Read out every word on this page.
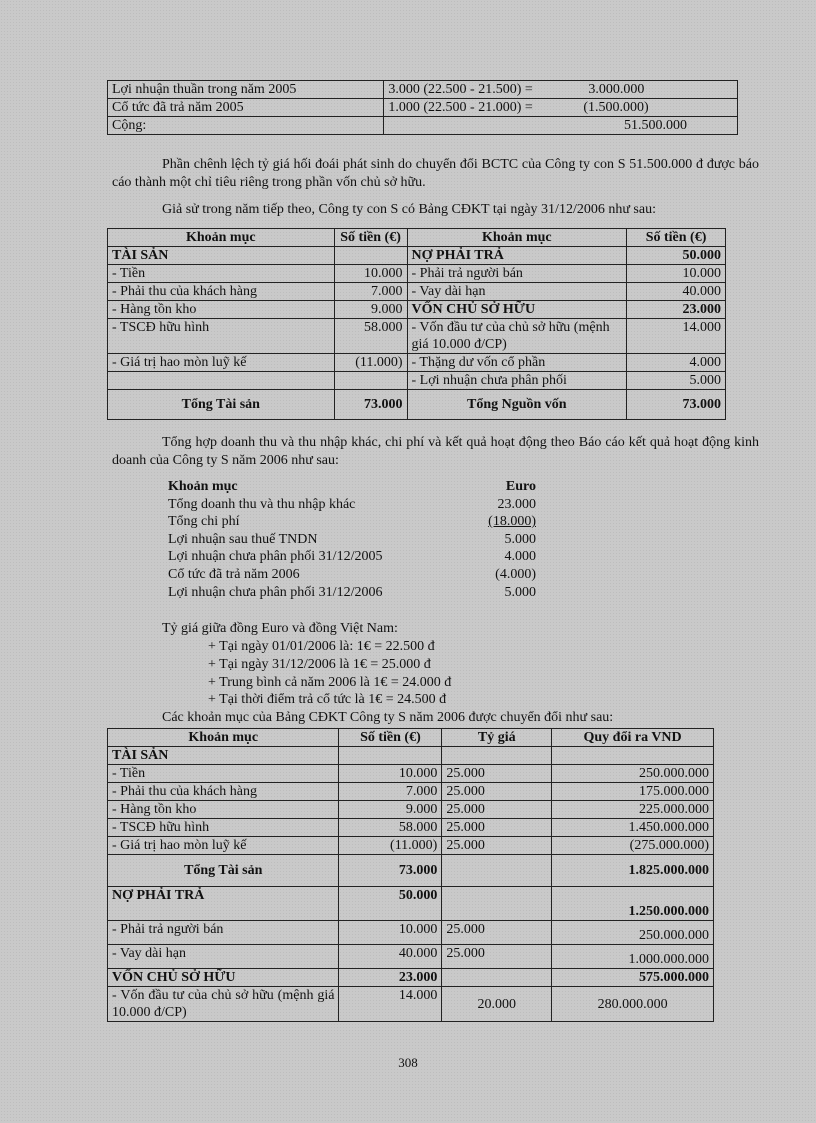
Lợi nhuận thuần trong năm 2005	3.000 (22.500 - 21.500) = 3.000.000
Cổ tức đã trả năm 2005	1.000 (22.500 - 21.000) = (1.500.000)
Cộng:	51.500.000

Phần chênh lệch tỷ giá hối đoái phát sinh do chuyển đổi BCTC của Công ty con S 51.500.000 đ được báo cáo thành một chỉ tiêu riêng trong phần vốn chủ sở hữu.

Giả sử trong năm tiếp theo, Công ty con S có Bảng CĐKT tại ngày 31/12/2006 như sau:

Khoản mục	Số tiền (€)	Khoản mục	Số tiền (€)
TÀI SẢN		NỢ PHẢI TRẢ	50.000
- Tiền	10.000	- Phải trả người bán	10.000
- Phải thu của khách hàng	7.000	- Vay dài hạn	40.000
- Hàng tồn kho	9.000	VỐN CHỦ SỞ HỮU	23.000
- TSCĐ hữu hình	58.000	- Vốn đầu tư của chủ sở hữu (mệnh giá 10.000 đ/CP)	14.000
- Giá trị hao mòn luỹ kế	(11.000)	- Thặng dư vốn cổ phần	4.000
		- Lợi nhuận chưa phân phối	5.000
Tổng Tài sản	73.000	Tổng Nguồn vốn	73.000

Tổng hợp doanh thu và thu nhập khác, chi phí và kết quả hoạt động theo Báo cáo kết quả hoạt động kinh doanh của Công ty S năm 2006 như sau:

Khoản mục	Euro
Tổng doanh thu và thu nhập khác	23.000
Tổng chi phí	(18.000)
Lợi nhuận sau thuế TNDN	5.000
Lợi nhuận chưa phân phối 31/12/2005	4.000
Cổ tức đã trả năm 2006	(4.000)
Lợi nhuận chưa phân phối 31/12/2006	5.000
Tỷ giá giữa đồng Euro và đồng Việt Nam:
+ Tại ngày 01/01/2006 là: 1€ = 22.500 đ
+ Tại ngày 31/12/2006 là 1€ = 25.000 đ
+ Trung bình cả năm 2006 là 1€ = 24.000 đ
+ Tại thời điểm trả cổ tức là 1€ = 24.500 đ
Các khoản mục của Bảng CĐKT Công ty S năm 2006 được chuyển đổi như sau:
Khoản mục	Số tiền (€)	Tỷ giá	Quy đổi ra VND
TÀI SẢN			
- Tiền	10.000	25.000	250.000.000
- Phải thu của khách hàng	7.000	25.000	175.000.000
- Hàng tồn kho	9.000	25.000	225.000.000
- TSCĐ hữu hình	58.000	25.000	1.450.000.000
- Giá trị hao mòn luỹ kế	(11.000)	25.000	(275.000.000)
Tổng Tài sản	73.000		1.825.000.000
NỢ PHẢI TRẢ	50.000		1.250.000.000
- Phải trả người bán	10.000	25.000	250.000.000
- Vay dài hạn	40.000	25.000	1.000.000.000
VỐN CHỦ SỞ HỮU	23.000		575.000.000
- Vốn đầu tư của chủ sở hữu (mệnh giá 10.000 đ/CP)	14.000	20.000	280.000.000
308
